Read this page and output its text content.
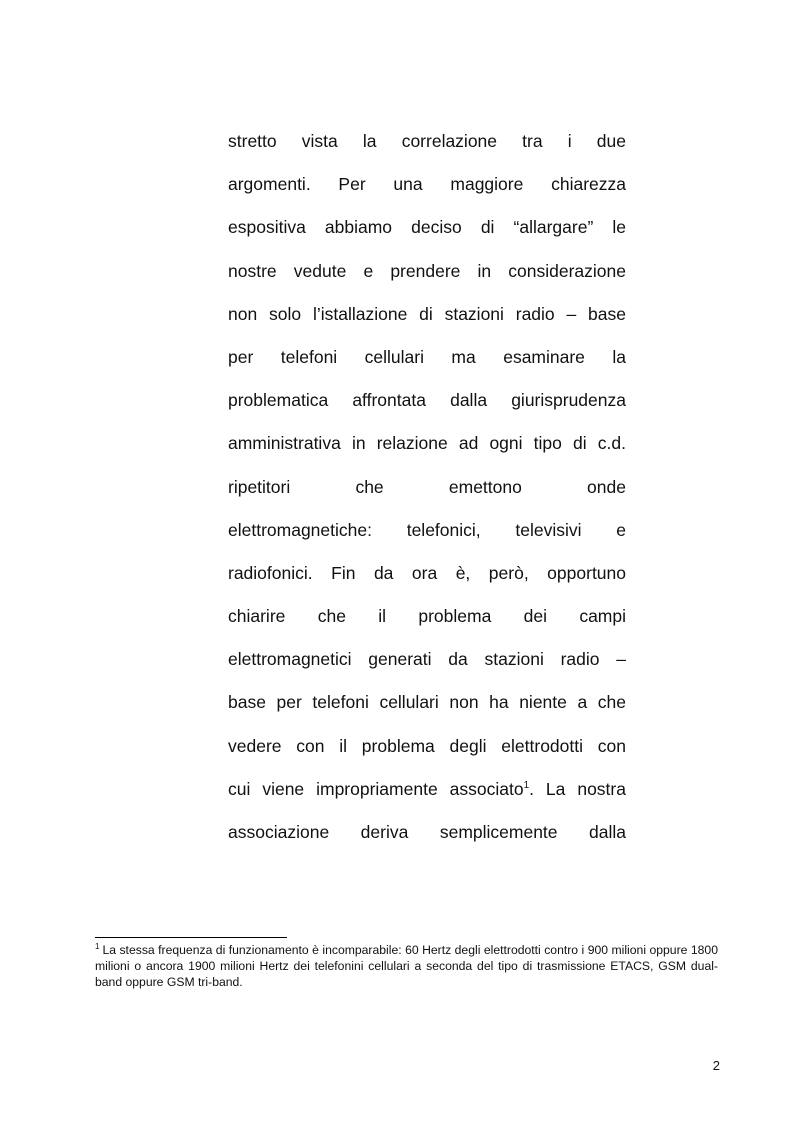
stretto vista la correlazione tra i due
argomenti. Per una maggiore chiarezza
espositiva abbiamo deciso di “allargare” le
nostre vedute e prendere in considerazione
non solo l’istallazione di stazioni radio – base
per telefoni cellulari ma esaminare la
problematica affrontata dalla giurisprudenza
amministrativa in relazione ad ogni tipo di c.d.
ripetitori che emettono onde
elettromagnetiche: telefonici, televisivi e
radiofonici. Fin da ora è, però, opportuno
chiarire che il problema dei campi
elettromagnetici generati da stazioni radio –
base per telefoni cellulari non ha niente a che
vedere con il problema degli elettrodotti con
cui viene impropriamente associato$^1$. La nostra
associazione deriva semplicemente dalla

$^1$ La stessa frequenza di funzionamento è incomparabile: 60 Hertz degli elettrodotti contro i 900 milioni oppure 1800 milioni o ancora 1900 milioni Hertz dei telefonini cellulari a seconda del tipo di trasmissione ETACS, GSM dual-band oppure GSM tri-band.

2
